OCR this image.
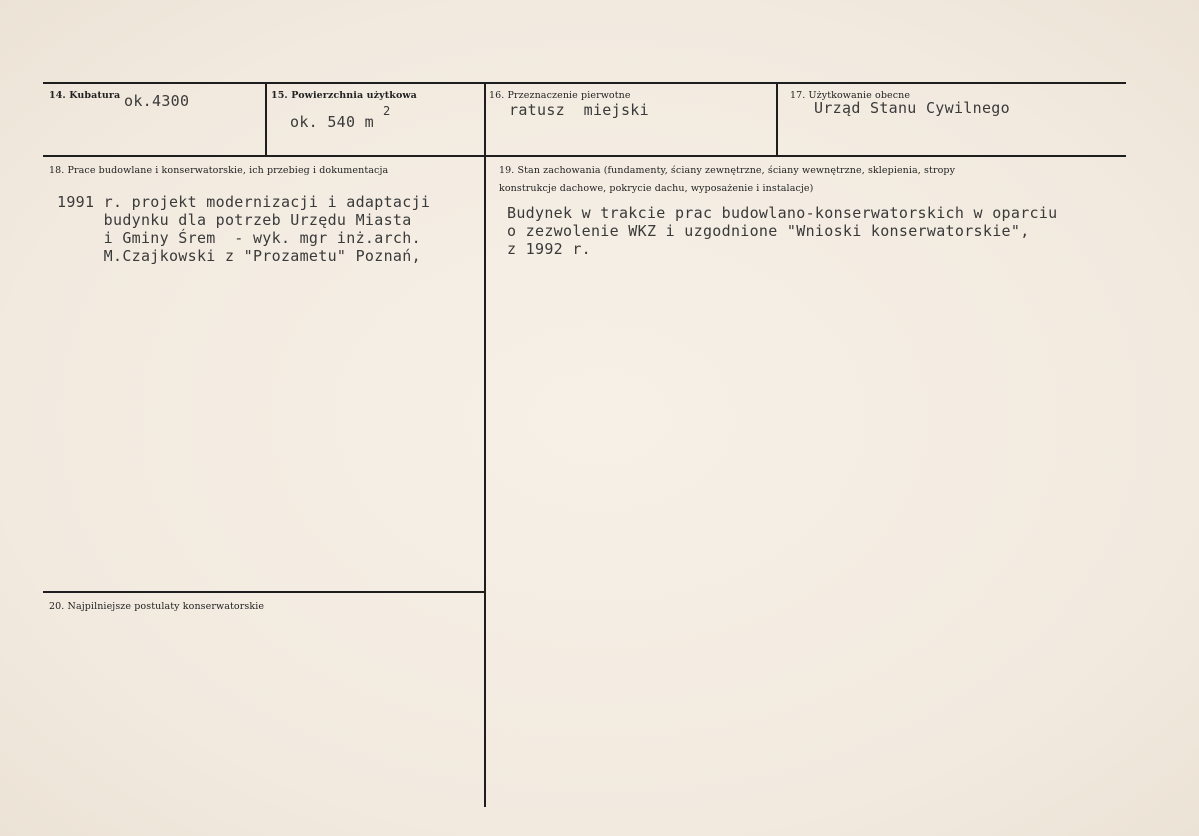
14. Kubatura ok.4300	15. Powierzchnia użytkowa
ok. 540 m
2
16. Przeznaczenie pierwotne
ratusz  miejski
17. Użytkowanie obecne
Urząd Stanu Cywilnego
18. Prace budowlane i konserwatorskie, ich przebieg i dokumentacja
1991 r. projekt modernizacji i adaptacji
budynku dla potrzeb Urzędu Miasta
i Gminy Śrem  - wyk. mgr inż.arch.
M.Czajkowski z "Prozametu" Poznań,
19. Stan zachowania (fundamenty, ściany zewnętrzne, ściany wewnętrzne, sklepienia, stropy
konstrukcje dachowe, pokrycie dachu, wyposażenie i instalacje)
Budynek w trakcie prac budowlano-konserwatorskich w oparciu
o zezwolenie WKZ i uzgodnione "Wnioski konserwatorskie",
z 1992 r.
20. Najpilniejsze postulaty konserwatorskie
